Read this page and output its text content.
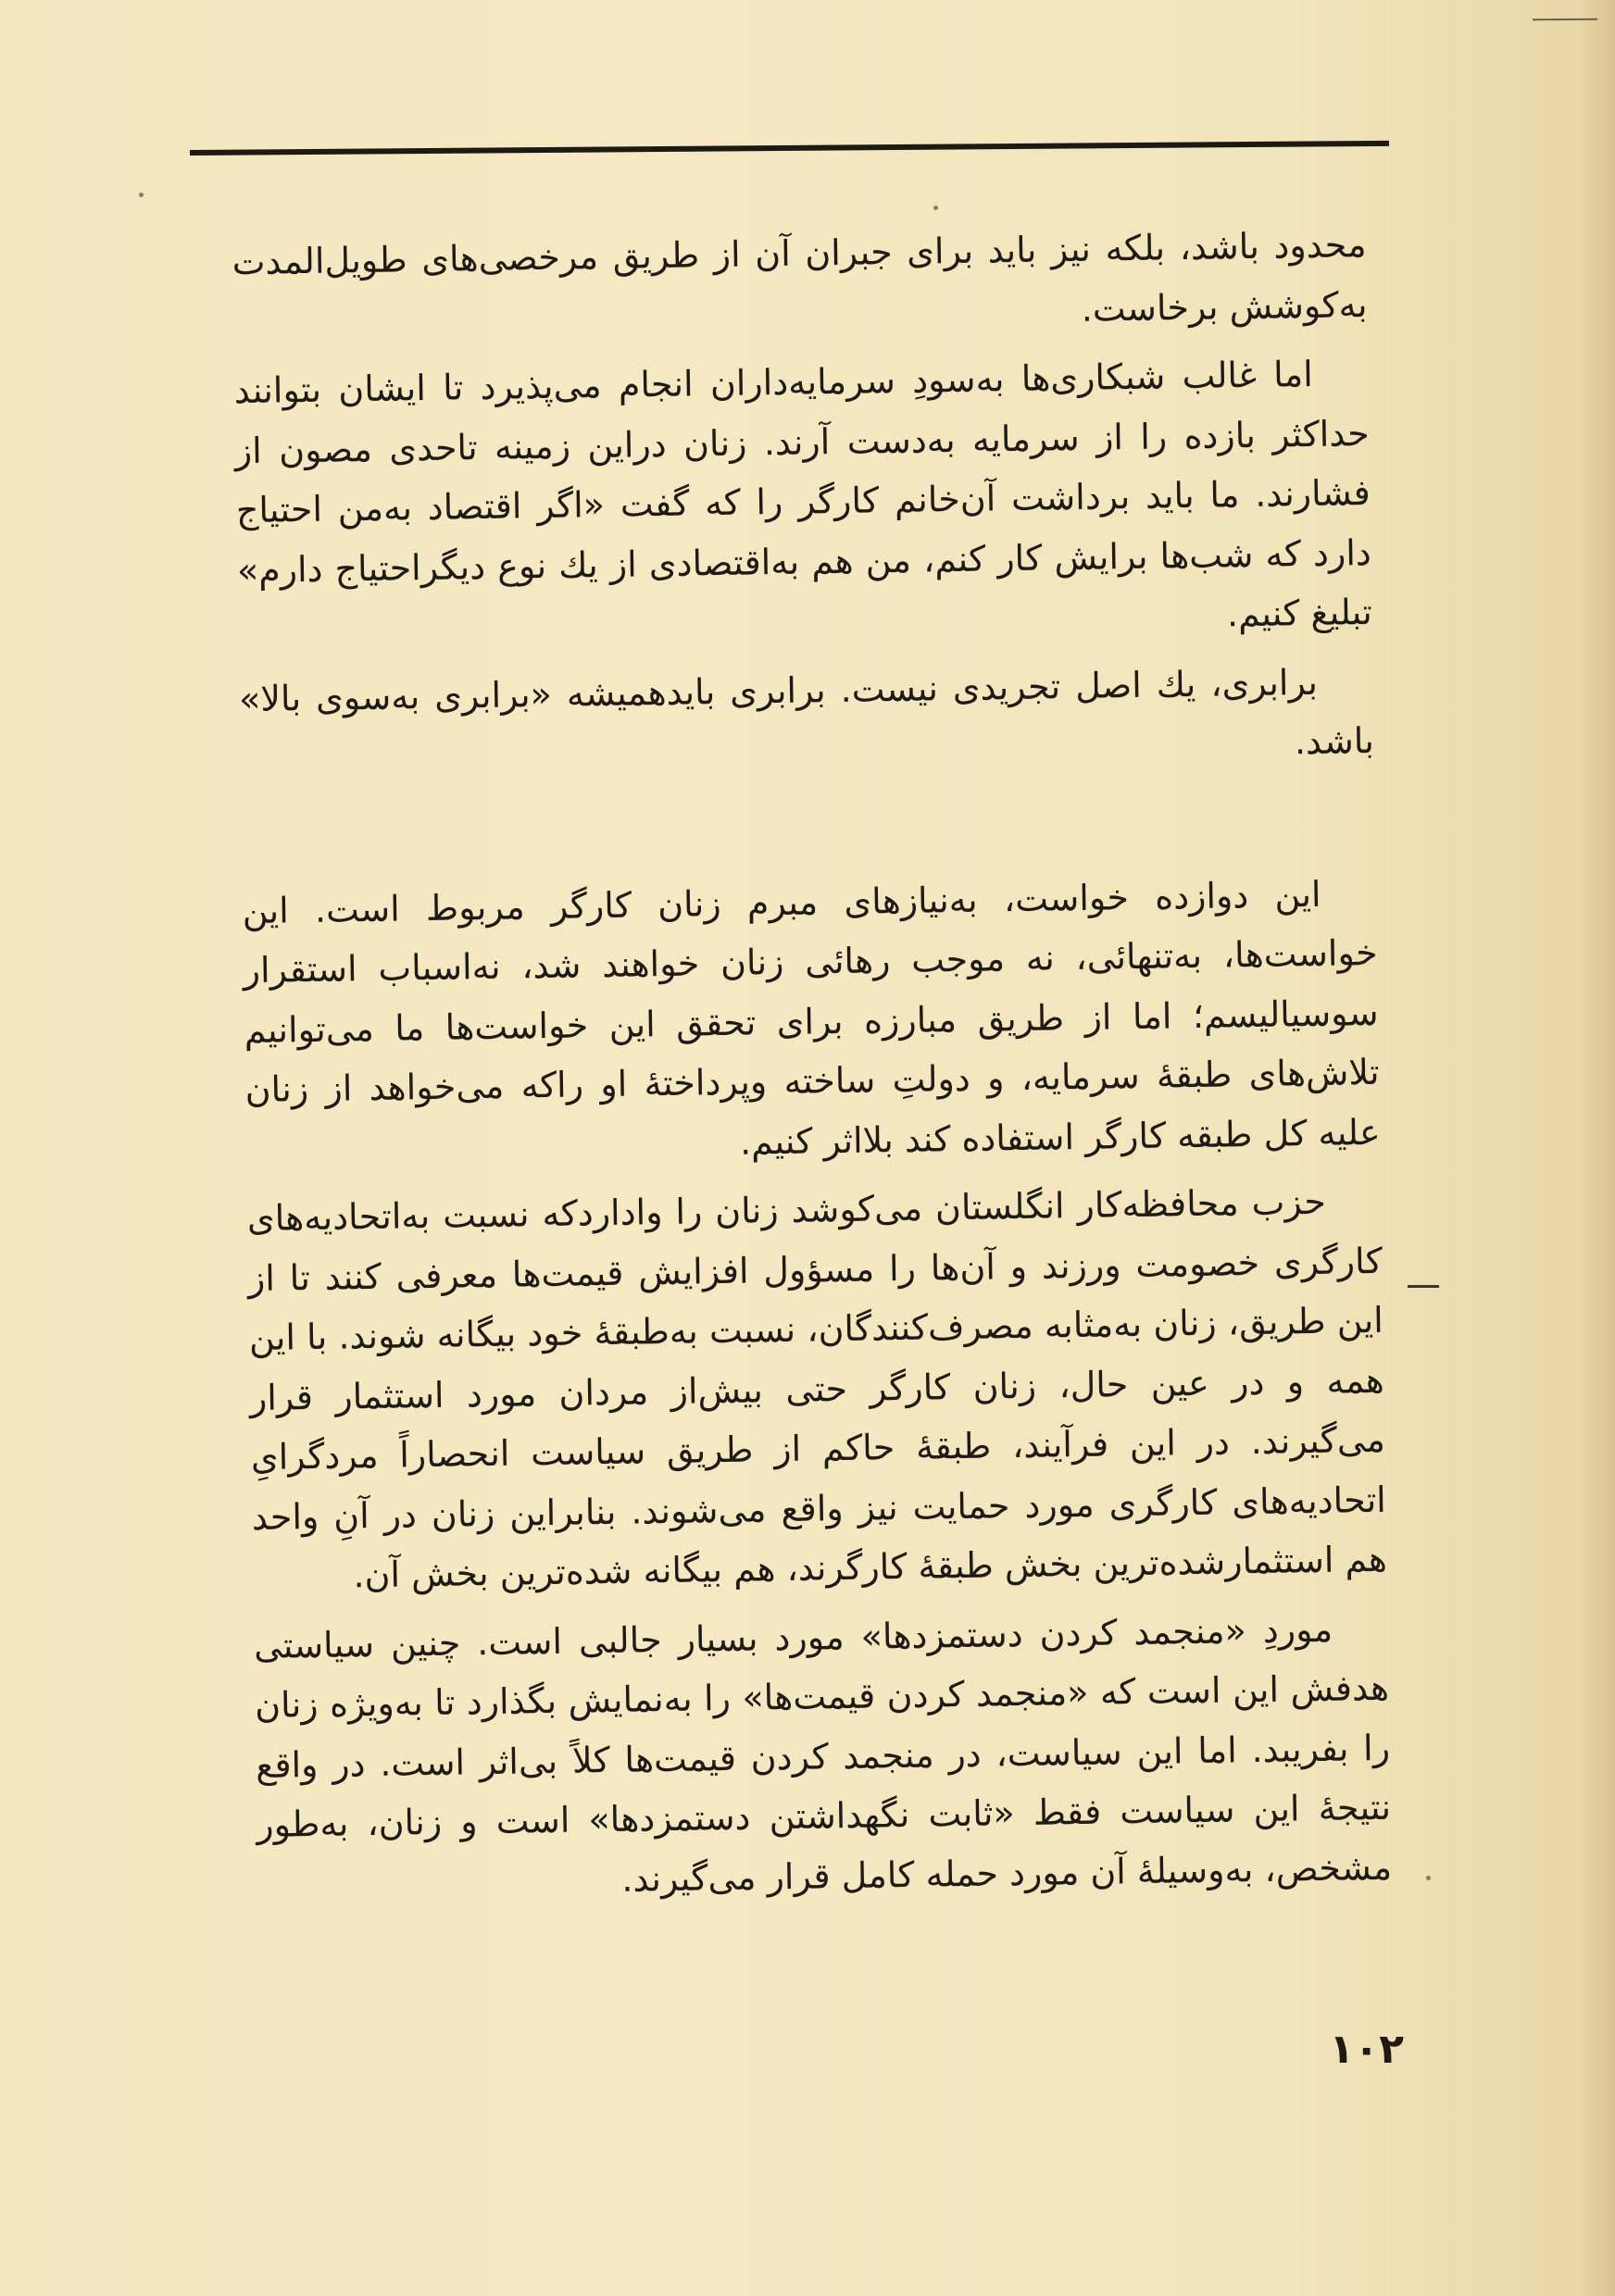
محدود باشد، بلکه نیز باید برای جبران آن از طریق مرخصی‌های طویل‌المدت به‌کوشش برخاست.

اما غالب شبکاری‌ها به‌سودِ سرمایه‌داران انجام می‌پذیرد تا ایشان بتوانند حداکثر بازده را از سرمایه به‌دست آرند. زنان دراین زمینه تاحدی مصون از فشارند. ما باید برداشت آن‌خانم کارگر را که گفت «اگر اقتصاد به‌من احتیاج دارد که شب‌ها برایش کار کنم، من هم به‌اقتصادی از یك نوع دیگراحتیاج دارم» تبلیغ کنیم.

برابری، یك اصل تجریدی نیست. برابری بایدهمیشه «برابری به‌سوی بالا» باشد.

این دوازده خواست، به‌نیازهای مبرم زنان کارگر مربوط است. این خواست‌ها، به‌تنهائی، نه موجب رهائی زنان خواهند شد، نه‌اسباب استقرار سوسیالیسم؛ اما از طریق مبارزه برای تحقق این خواست‌ها ما می‌توانیم تلاش‌های طبقهٔ سرمایه، و دولتِ ساخته وپرداختهٔ او راکه می‌خواهد از زنان علیه کل طبقه کارگر استفاده کند بلااثر کنیم.

حزب محافظه‌کار انگلستان می‌کوشد زنان را وادارد‌که نسبت به‌اتحادیه‌های کارگری خصومت ورزند و آن‌ها را مسؤول افزایش قیمت‌ها معرفی کنند تا از این طریق، زنان به‌مثابه مصرف‌کنندگان، نسبت به‌طبقهٔ خود بیگانه شوند. با این همه و در عین حال، زنان کارگر حتی بیش‌از مردان مورد استثمار قرار می‌گیرند. در این فرآیند، طبقهٔ حاکم از طریق سیاست انحصاراً مردگرایِ اتحادیه‌های کارگری مورد حمایت نیز واقع می‌شوند. بنابراین زنان در آنِ واحد هم استثمارشده‌ترین بخش طبقهٔ کارگرند، هم بیگانه شده‌ترین بخش آن.

موردِ «منجمد کردن دستمزدها» مورد بسیار جالبی است. چنین سیاستی هدفش این است که «منجمد کردن قیمت‌ها» را به‌نمایش بگذارد تا به‌ویژه زنان را بفریبد. اما این سیاست، در منجمد کردن قیمت‌ها کلاً بی‌اثر است. در واقع نتیجهٔ این سیاست فقط «ثابت نگهداشتن دستمزدها» است و زنان، به‌طور مشخص، به‌وسیلهٔ آن مورد حمله کامل قرار می‌گیرند.

۱۰۲
